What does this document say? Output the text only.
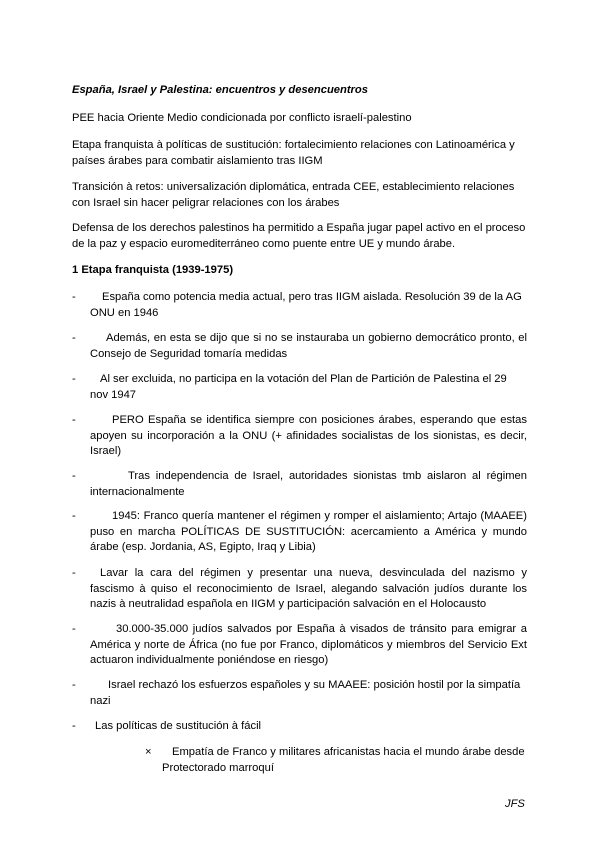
España, Israel y Palestina: encuentros y desencuentros

PEE hacia Oriente Medio condicionada por conflicto israelí-palestino

Etapa franquista à políticas de sustitución: fortalecimiento relaciones con Latinoamérica y países árabes para combatir aislamiento tras IIGM

Transición à retos: universalización diplomática, entrada CEE, establecimiento relaciones con Israel sin hacer peligrar relaciones con los árabes

Defensa de los derechos palestinos ha permitido a España jugar papel activo en el proceso de la paz y espacio euromediterráneo como puente entre UE y mundo árabe.

1 Etapa franquista (1939-1975)

-	España como potencia media actual, pero tras IIGM aislada. Resolución 39 de la AG ONU en 1946

-	Además, en esta se dijo que si no se instauraba un gobierno democrático pronto, el Consejo de Seguridad tomaría medidas

-	Al ser excluida, no participa en la votación del Plan de Partición de Palestina el 29 nov 1947

-	PERO España se identifica siempre con posiciones árabes, esperando que estas apoyen su incorporación a la ONU (+ afinidades socialistas de los sionistas, es decir, Israel)

-	Tras independencia de Israel, autoridades sionistas tmb aislaron al régimen internacionalmente

-	1945: Franco quería mantener el régimen y romper el aislamiento; Artajo (MAAEE) puso en marcha POLÍTICAS DE SUSTITUCIÓN: acercamiento a América y mundo árabe (esp. Jordania, AS, Egipto, Iraq y Libia)

-	Lavar la cara del régimen y presentar una nueva, desvinculada del nazismo y fascismo à quiso el reconocimiento de Israel, alegando salvación judíos durante los nazis à neutralidad española en IIGM y participación salvación en el Holocausto

-	30.000-35.000 judíos salvados por España à visados de tránsito para emigrar a América y norte de África (no fue por Franco, diplomáticos y miembros del Servicio Ext actuaron individualmente poniéndose en riesgo)

-	Israel rechazó los esfuerzos españoles y su MAAEE: posición hostil por la simpatía nazi

- Las políticas de sustitución à fácil

×	Empatía de Franco y militares africanistas hacia el mundo árabe desde Protectorado marroquí

JFS
